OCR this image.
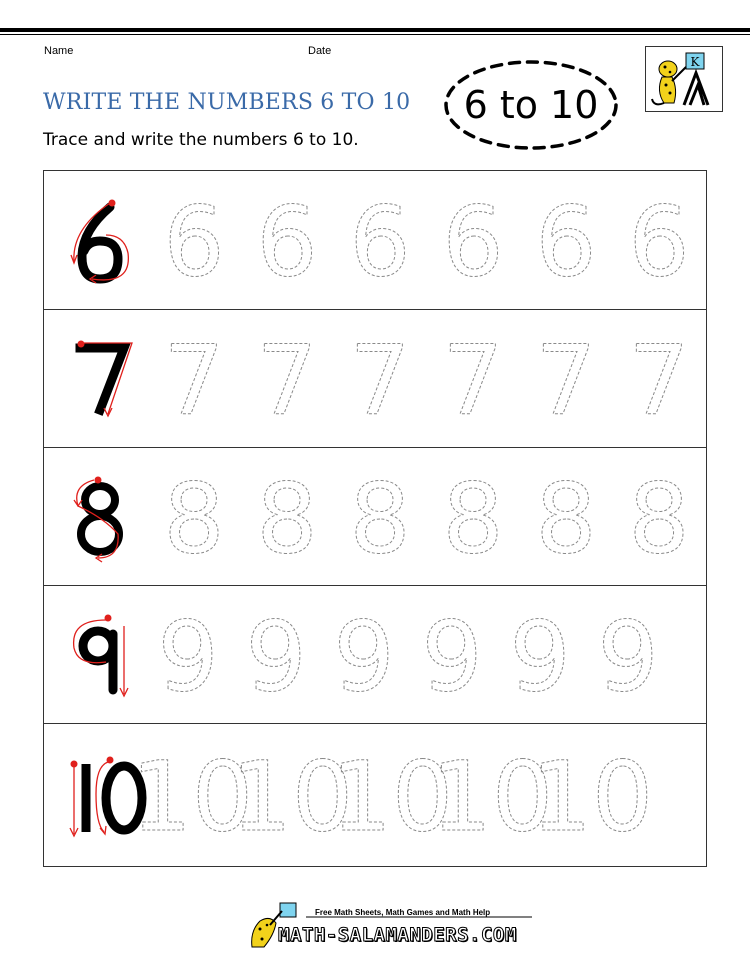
Name	Date
WRITE THE NUMBERS 6 TO 10
Trace and write the numbers 6 to 10.
6 to 10
K
6 6 6 6 6 6
7 7 7 7 7 7
8 8 8 8 8 8
9 9 9 9 9 9
10
10
10
10
10
Free Math Sheets, Math Games and Math Help
MATH-SALAMANDERS.COM
